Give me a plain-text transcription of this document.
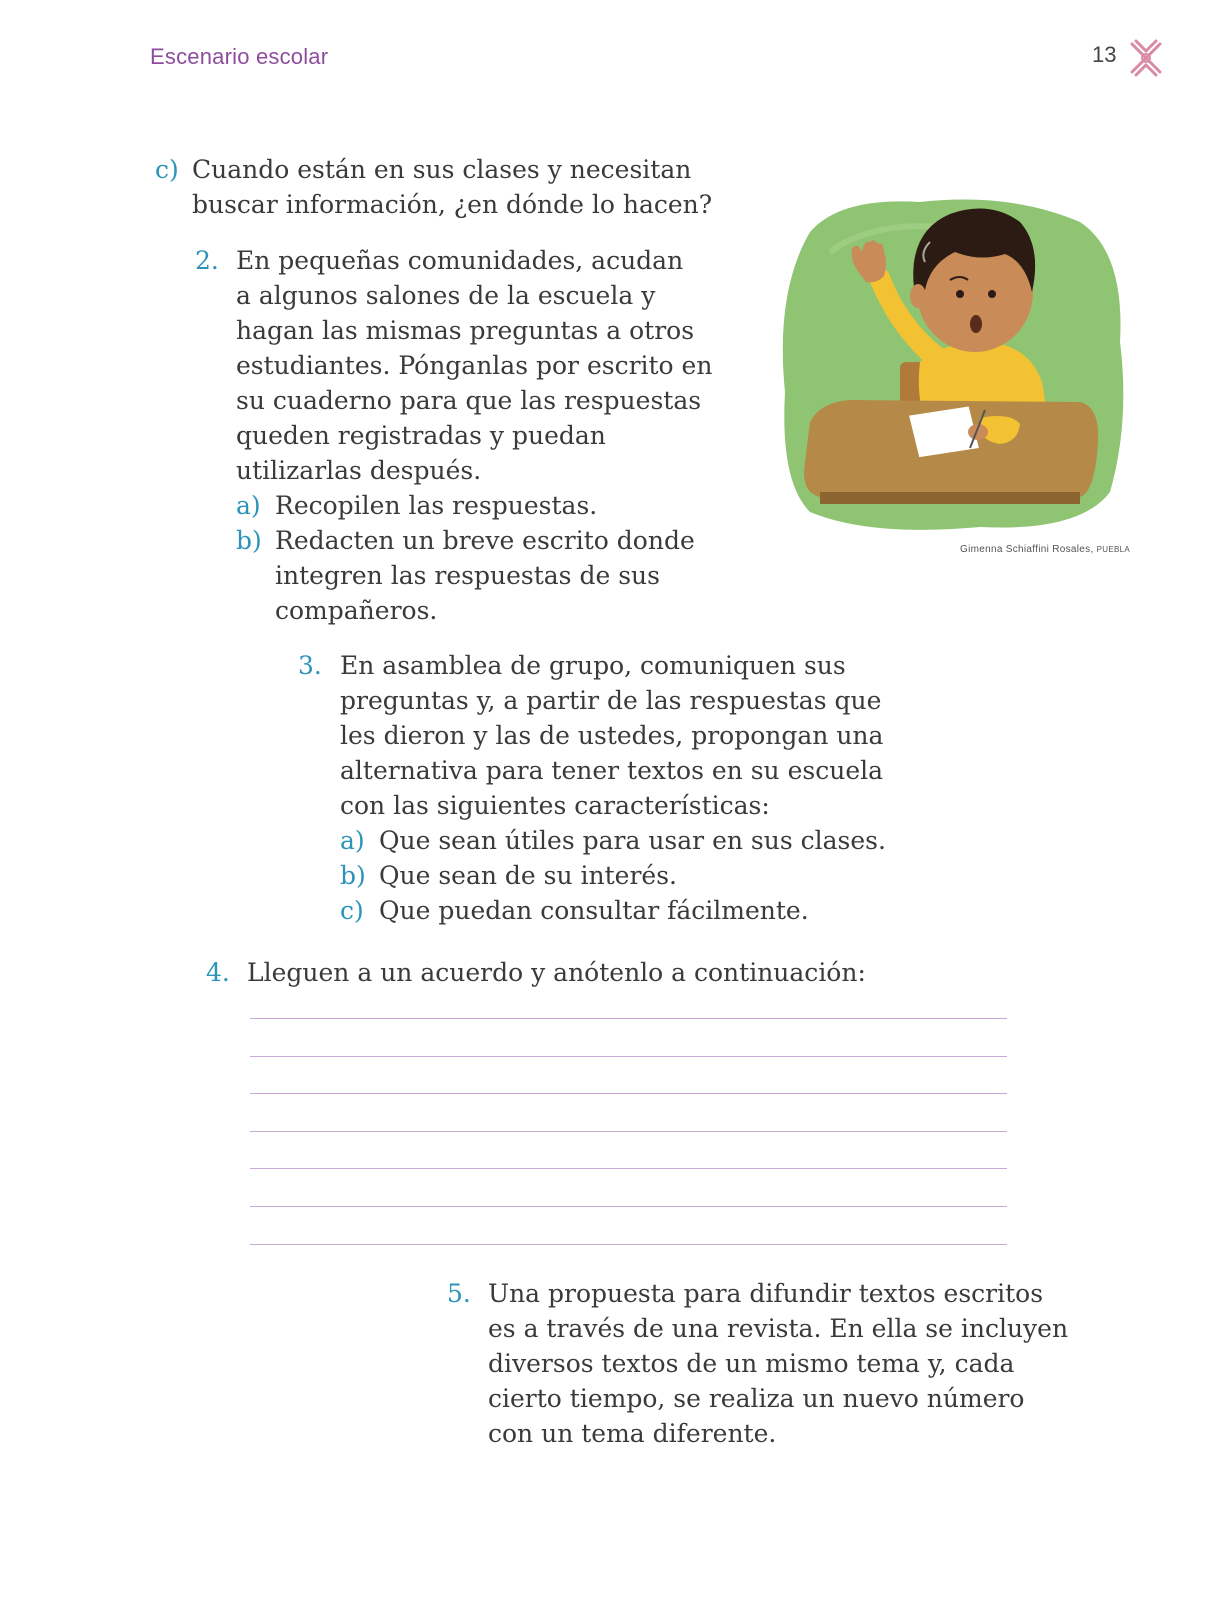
Escenario escolar	13
c) Cuando están en sus clases y necesitan
buscar información, ¿en dónde lo hacen?
2. En pequeñas comunidades, acudan
a algunos salones de la escuela y
hagan las mismas preguntas a otros
estudiantes. Pónganlas por escrito en
su cuaderno para que las respuestas
queden registradas y puedan
utilizarlas después.
a) Recopilen las respuestas.
b) Redacten un breve escrito donde
integren las respuestas de sus
compañeros.
Gimenna Schiaffini Rosales, PUEBLA
3. En asamblea de grupo, comuniquen sus
preguntas y, a partir de las respuestas que
les dieron y las de ustedes, propongan una
alternativa para tener textos en su escuela
con las siguientes características:
a) Que sean útiles para usar en sus clases.
b) Que sean de su interés.
c) Que puedan consultar fácilmente.
4. Lleguen a un acuerdo y anótenlo a continuación:
5. Una propuesta para difundir textos escritos
es a través de una revista. En ella se incluyen
diversos textos de un mismo tema y, cada
cierto tiempo, se realiza un nuevo número
con un tema diferente.
